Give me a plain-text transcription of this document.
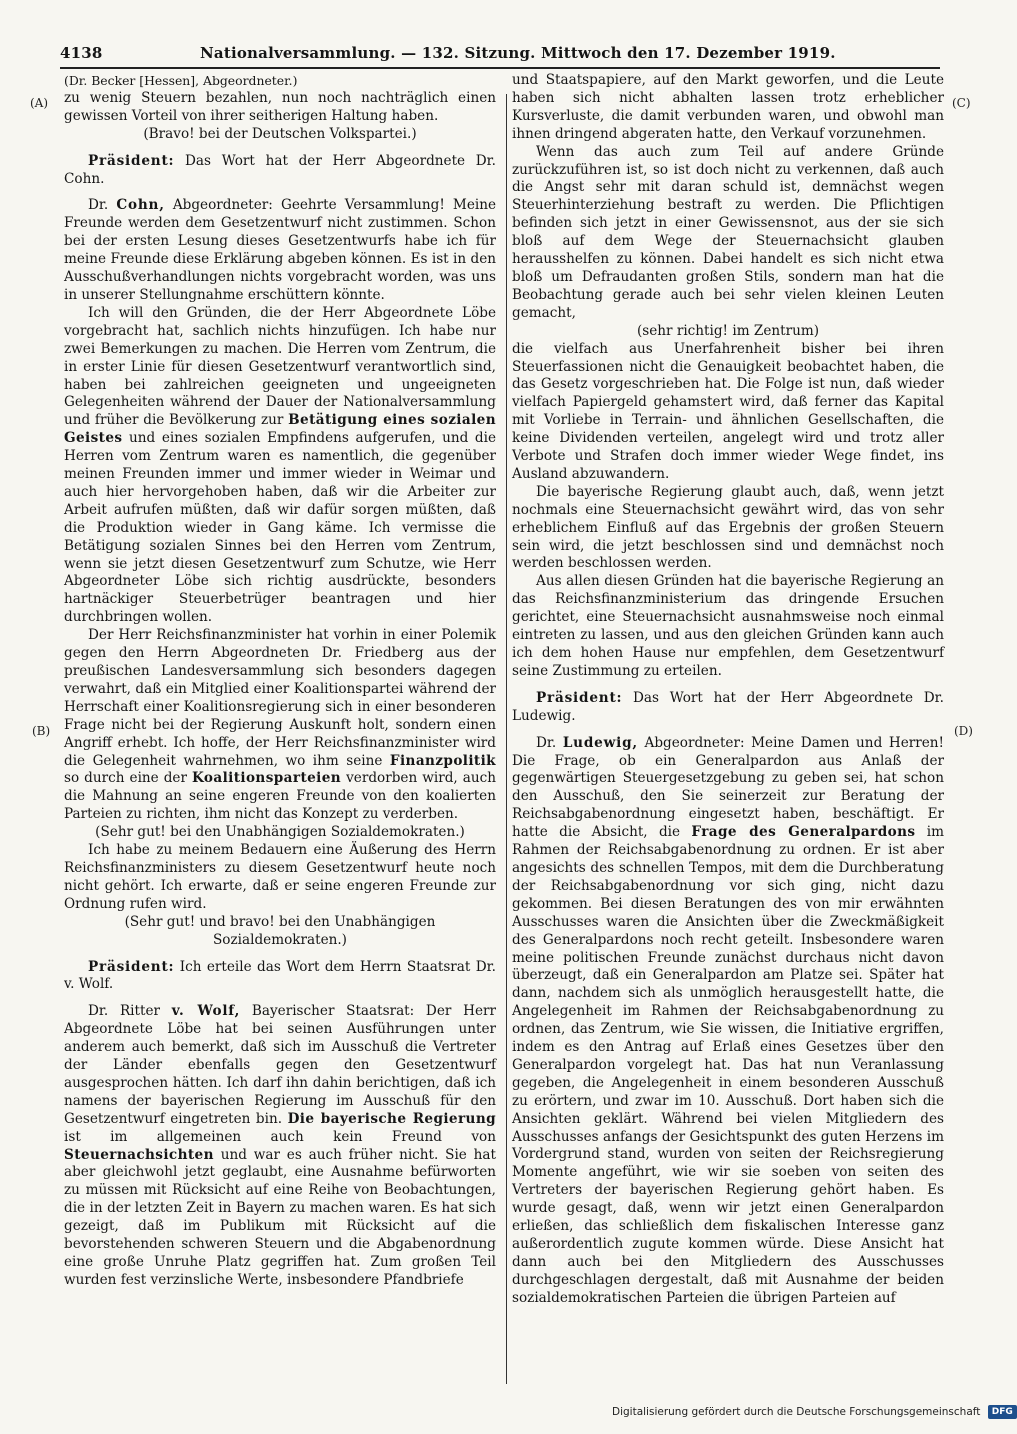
4138	Nationalversammlung. — 132. Sitzung. Mittwoch den 17. Dezember 1919.
(A)
(B)
(C)
(D)

(Dr. Becker [Hessen], Abgeordneter.)

zu wenig Steuern bezahlen, nun noch nachträglich einen gewissen Vorteil von ihrer seitherigen Haltung haben.

(Bravo! bei der Deutschen Volkspartei.)

Präsident: Das Wort hat der Herr Abgeordnete Dr. Cohn.

Dr. Cohn, Abgeordneter: Geehrte Versammlung! Meine Freunde werden dem Gesetzentwurf nicht zustimmen. Schon bei der ersten Lesung dieses Gesetzentwurfs habe ich für meine Freunde diese Erklärung abgeben können. Es ist in den Ausschußverhandlungen nichts vorgebracht worden, was uns in unserer Stellungnahme erschüttern könnte.

Ich will den Gründen, die der Herr Abgeordnete Löbe vorgebracht hat, sachlich nichts hinzufügen. Ich habe nur zwei Bemerkungen zu machen. Die Herren vom Zentrum, die in erster Linie für diesen Gesetzentwurf verantwortlich sind, haben bei zahlreichen geeigneten und ungeeigneten Gelegenheiten während der Dauer der Nationalversammlung und früher die Bevölkerung zur Betätigung eines sozialen Geistes und eines sozialen Empfindens aufgerufen, und die Herren vom Zentrum waren es namentlich, die gegenüber meinen Freunden immer und immer wieder in Weimar und auch hier hervorgehoben haben, daß wir die Arbeiter zur Arbeit aufrufen müßten, daß wir dafür sorgen müßten, daß die Produktion wieder in Gang käme. Ich vermisse die Betätigung sozialen Sinnes bei den Herren vom Zentrum, wenn sie jetzt diesen Gesetzentwurf zum Schutze, wie Herr Abgeordneter Löbe sich richtig ausdrückte, besonders hartnäckiger Steuerbetrüger beantragen und hier durchbringen wollen.

Der Herr Reichsfinanzminister hat vorhin in einer Polemik gegen den Herrn Abgeordneten Dr. Friedberg aus der preußischen Landesversammlung sich besonders dagegen verwahrt, daß ein Mitglied einer Koalitionspartei während der Herrschaft einer Koalitionsregierung sich in einer besonderen Frage nicht bei der Regierung Auskunft holt, sondern einen Angriff erhebt. Ich hoffe, der Herr Reichsfinanzminister wird die Gelegenheit wahrnehmen, wo ihm seine Finanzpolitik so durch eine der Koalitionsparteien verdorben wird, auch die Mahnung an seine engeren Freunde von den koalierten Parteien zu richten, ihm nicht das Konzept zu verderben.

(Sehr gut! bei den Unabhängigen Sozialdemokraten.)

Ich habe zu meinem Bedauern eine Äußerung des Herrn Reichsfinanzministers zu diesem Gesetzentwurf heute noch nicht gehört. Ich erwarte, daß er seine engeren Freunde zur Ordnung rufen wird.

(Sehr gut! und bravo! bei den Unabhängigen Sozialdemokraten.)

Präsident: Ich erteile das Wort dem Herrn Staatsrat Dr. v. Wolf.

Dr. Ritter v. Wolf, Bayerischer Staatsrat: Der Herr Abgeordnete Löbe hat bei seinen Ausführungen unter anderem auch bemerkt, daß sich im Ausschuß die Vertreter der Länder ebenfalls gegen den Gesetzentwurf ausgesprochen hätten. Ich darf ihn dahin berichtigen, daß ich namens der bayerischen Regierung im Ausschuß für den Gesetzentwurf eingetreten bin. Die bayerische Regierung ist im allgemeinen auch kein Freund von Steuernachsichten und war es auch früher nicht. Sie hat aber gleichwohl jetzt geglaubt, eine Ausnahme befürworten zu müssen mit Rücksicht auf eine Reihe von Beobachtungen, die in der letzten Zeit in Bayern zu machen waren. Es hat sich gezeigt, daß im Publikum mit Rücksicht auf die bevorstehenden schweren Steuern und die Abgabenordnung eine große Unruhe Platz gegriffen hat. Zum großen Teil wurden fest verzinsliche Werte, insbesondere Pfandbriefe

und Staatspapiere, auf den Markt geworfen, und die Leute haben sich nicht abhalten lassen trotz erheblicher Kursverluste, die damit verbunden waren, und obwohl man ihnen dringend abgeraten hatte, den Verkauf vorzunehmen.

Wenn das auch zum Teil auf andere Gründe zurückzuführen ist, so ist doch nicht zu verkennen, daß auch die Angst sehr mit daran schuld ist, demnächst wegen Steuerhinterziehung bestraft zu werden. Die Pflichtigen befinden sich jetzt in einer Gewissensnot, aus der sie sich bloß auf dem Wege der Steuernachsicht glauben herausshelfen zu können. Dabei handelt es sich nicht etwa bloß um Defraudanten großen Stils, sondern man hat die Beobachtung gerade auch bei sehr vielen kleinen Leuten gemacht,

(sehr richtig! im Zentrum)

die vielfach aus Unerfahrenheit bisher bei ihren Steuerfassionen nicht die Genauigkeit beobachtet haben, die das Gesetz vorgeschrieben hat. Die Folge ist nun, daß wieder vielfach Papiergeld gehamstert wird, daß ferner das Kapital mit Vorliebe in Terrain- und ähnlichen Gesellschaften, die keine Dividenden verteilen, angelegt wird und trotz aller Verbote und Strafen doch immer wieder Wege findet, ins Ausland abzuwandern.

Die bayerische Regierung glaubt auch, daß, wenn jetzt nochmals eine Steuernachsicht gewährt wird, das von sehr erheblichem Einfluß auf das Ergebnis der großen Steuern sein wird, die jetzt beschlossen sind und demnächst noch werden beschlossen werden.

Aus allen diesen Gründen hat die bayerische Regierung an das Reichsfinanzministerium das dringende Ersuchen gerichtet, eine Steuernachsicht ausnahmsweise noch einmal eintreten zu lassen, und aus den gleichen Gründen kann auch ich dem hohen Hause nur empfehlen, dem Gesetzentwurf seine Zustimmung zu erteilen.

Präsident: Das Wort hat der Herr Abgeordnete Dr. Ludewig.

Dr. Ludewig, Abgeordneter: Meine Damen und Herren! Die Frage, ob ein Generalpardon aus Anlaß der gegenwärtigen Steuergesetzgebung zu geben sei, hat schon den Ausschuß, den Sie seinerzeit zur Beratung der Reichsabgabenordnung eingesetzt haben, beschäftigt. Er hatte die Absicht, die Frage des Generalpardons im Rahmen der Reichsabgabenordnung zu ordnen. Er ist aber angesichts des schnellen Tempos, mit dem die Durchberatung der Reichsabgabenordnung vor sich ging, nicht dazu gekommen. Bei diesen Beratungen des von mir erwähnten Ausschusses waren die Ansichten über die Zweckmäßigkeit des Generalpardons noch recht geteilt. Insbesondere waren meine politischen Freunde zunächst durchaus nicht davon überzeugt, daß ein Generalpardon am Platze sei. Später hat dann, nachdem sich als unmöglich herausgestellt hatte, die Angelegenheit im Rahmen der Reichsabgabenordnung zu ordnen, das Zentrum, wie Sie wissen, die Initiative ergriffen, indem es den Antrag auf Erlaß eines Gesetzes über den Generalpardon vorgelegt hat. Das hat nun Veranlassung gegeben, die Angelegenheit in einem besonderen Ausschuß zu erörtern, und zwar im 10. Ausschuß. Dort haben sich die Ansichten geklärt. Während bei vielen Mitgliedern des Ausschusses anfangs der Gesichtspunkt des guten Herzens im Vordergrund stand, wurden von seiten der Reichsregierung Momente angeführt, wie wir sie soeben von seiten des Vertreters der bayerischen Regierung gehört haben. Es wurde gesagt, daß, wenn wir jetzt einen Generalpardon erließen, das schließlich dem fiskalischen Interesse ganz außerordentlich zugute kommen würde. Diese Ansicht hat dann auch bei den Mitgliedern des Ausschusses durchgeschlagen dergestalt, daß mit Ausnahme der beiden sozialdemokratischen Parteien die übrigen Parteien auf

Digitalisierung gefördert durch die Deutsche Forschungsgemeinschaft DFG
